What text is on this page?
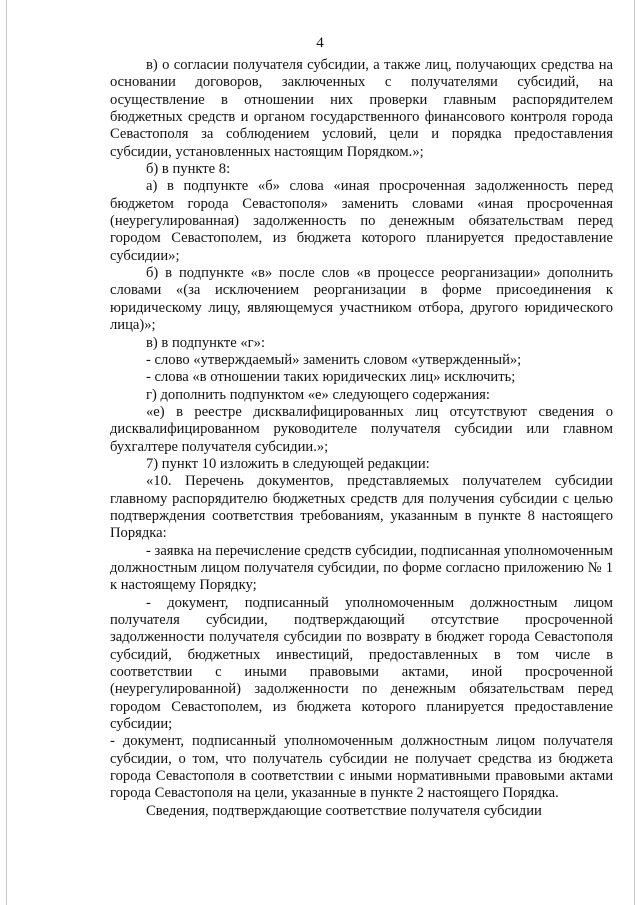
4

в) о согласии получателя субсидии, а также лиц, получающих средства на основании договоров, заключенных с получателями субсидий, на осуществление в отношении них проверки главным распорядителем бюджетных средств и органом государственного финансового контроля города Севастополя за соблюдением условий, цели и порядка предоставления субсидии, установленных настоящим Порядком.»;

б) в пункте 8:

а) в подпункте «б» слова «иная просроченная задолженность перед бюджетом города Севастополя» заменить словами «иная просроченная (неурегулированная) задолженность по денежным обязательствам перед городом Севастополем, из бюджета которого планируется предоставление субсидии»;

б) в подпункте «в» после слов «в процессе реорганизации» дополнить словами «(за исключением реорганизации в форме присоединения к юридическому лицу, являющемуся участником отбора, другого юридического лица)»;

в) в подпункте «г»:

- слово «утверждаемый» заменить словом «утвержденный»;

- слова «в отношении таких юридических лиц» исключить;

г) дополнить подпунктом «е» следующего содержания:

«е) в реестре дисквалифицированных лиц отсутствуют сведения о дисквалифицированном руководителе получателя субсидии или главном бухгалтере получателя субсидии.»;

7) пункт 10 изложить в следующей редакции:

«10. Перечень документов, представляемых получателем субсидии главному распорядителю бюджетных средств для получения субсидии с целью подтверждения соответствия требованиям, указанным в пункте 8 настоящего Порядка:

- заявка на перечисление средств субсидии, подписанная уполномоченным должностным лицом получателя субсидии, по форме согласно приложению № 1 к настоящему Порядку;

- документ, подписанный уполномоченным должностным лицом получателя субсидии, подтверждающий отсутствие просроченной задолженности получателя субсидии по возврату в бюджет города Севастополя субсидий, бюджетных инвестиций, предоставленных в том числе в соответствии с иными правовыми актами, иной просроченной (неурегулированной) задолженности по денежным обязательствам перед городом Севастополем, из бюджета которого планируется предоставление субсидии;

- документ, подписанный уполномоченным должностным лицом получателя субсидии, о том, что получатель субсидии не получает средства из бюджета города Севастополя в соответствии с иными нормативными правовыми актами города Севастополя на цели, указанные в пункте 2 настоящего Порядка.

Сведения, подтверждающие соответствие получателя субсидии
